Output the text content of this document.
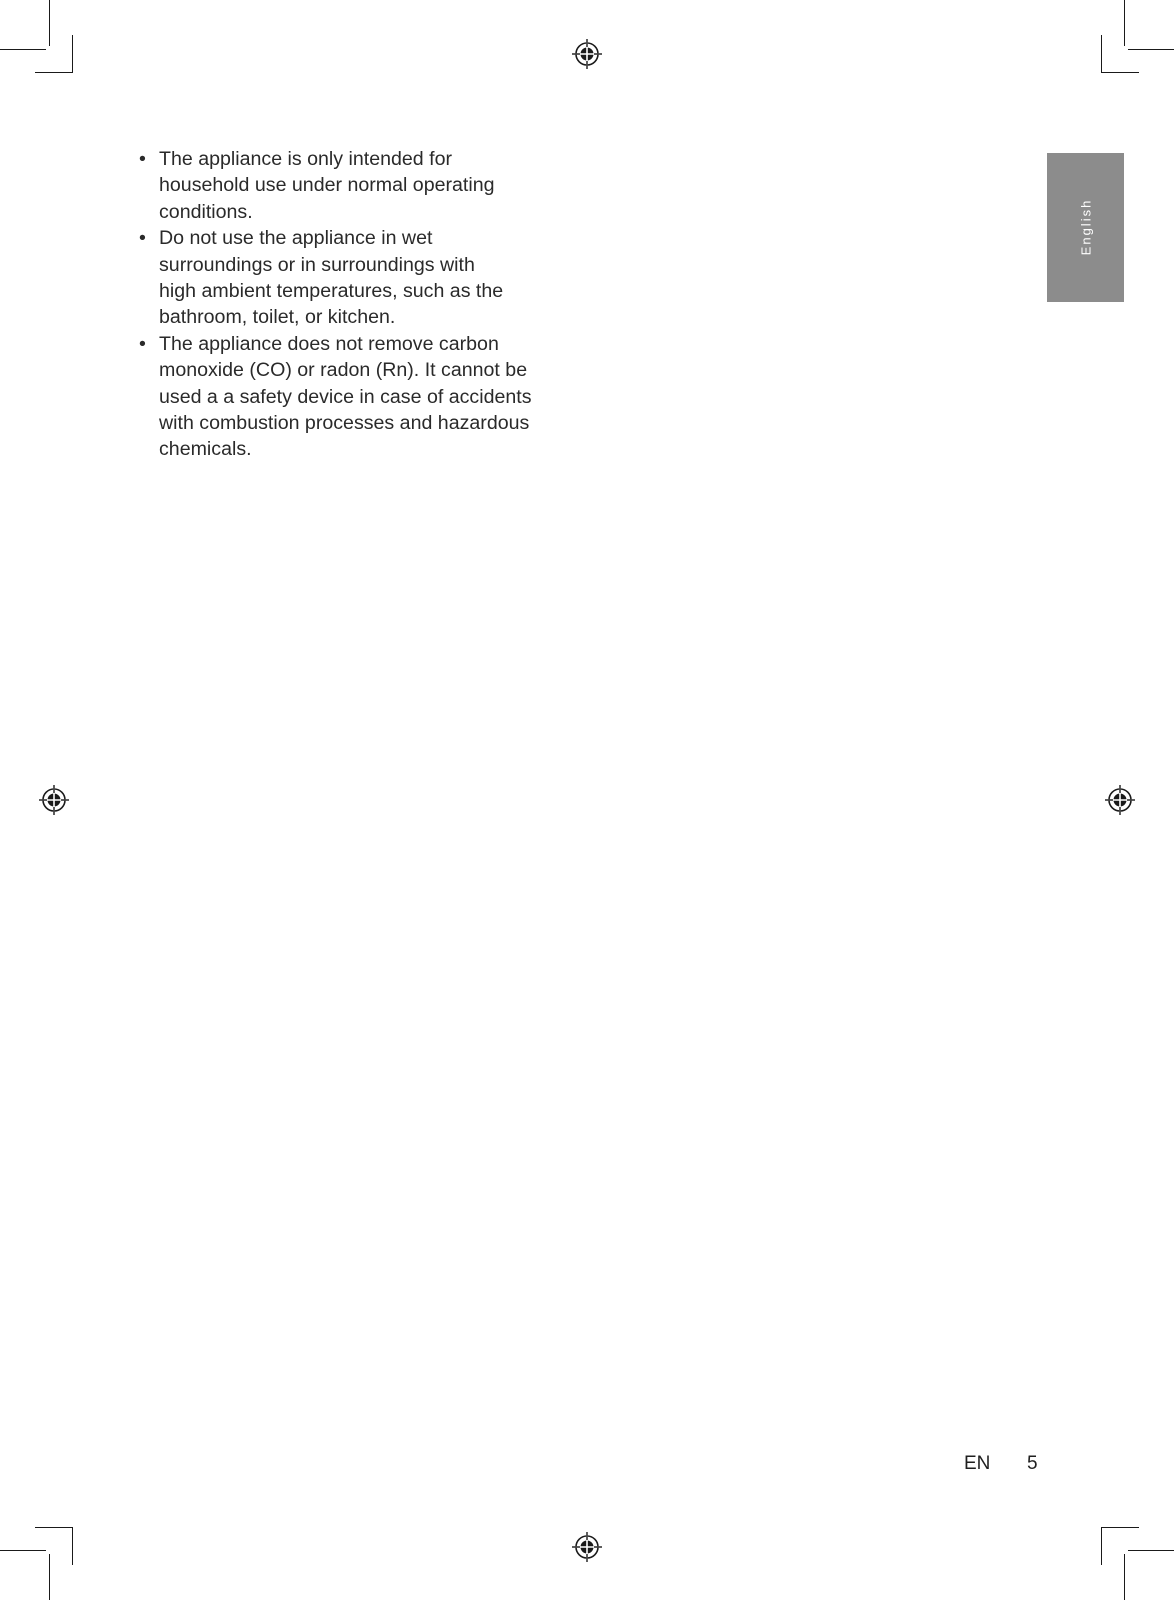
English
• The appliance is only intended for
household use under normal operating
conditions.
• Do not use the appliance in wet
surroundings or in surroundings with
high ambient temperatures, such as the
bathroom, toilet, or kitchen.
• The appliance does not remove carbon
monoxide (CO) or radon (Rn). It cannot be
used a a safety device in case of accidents
with combustion processes and hazardous
chemicals.
EN 5
